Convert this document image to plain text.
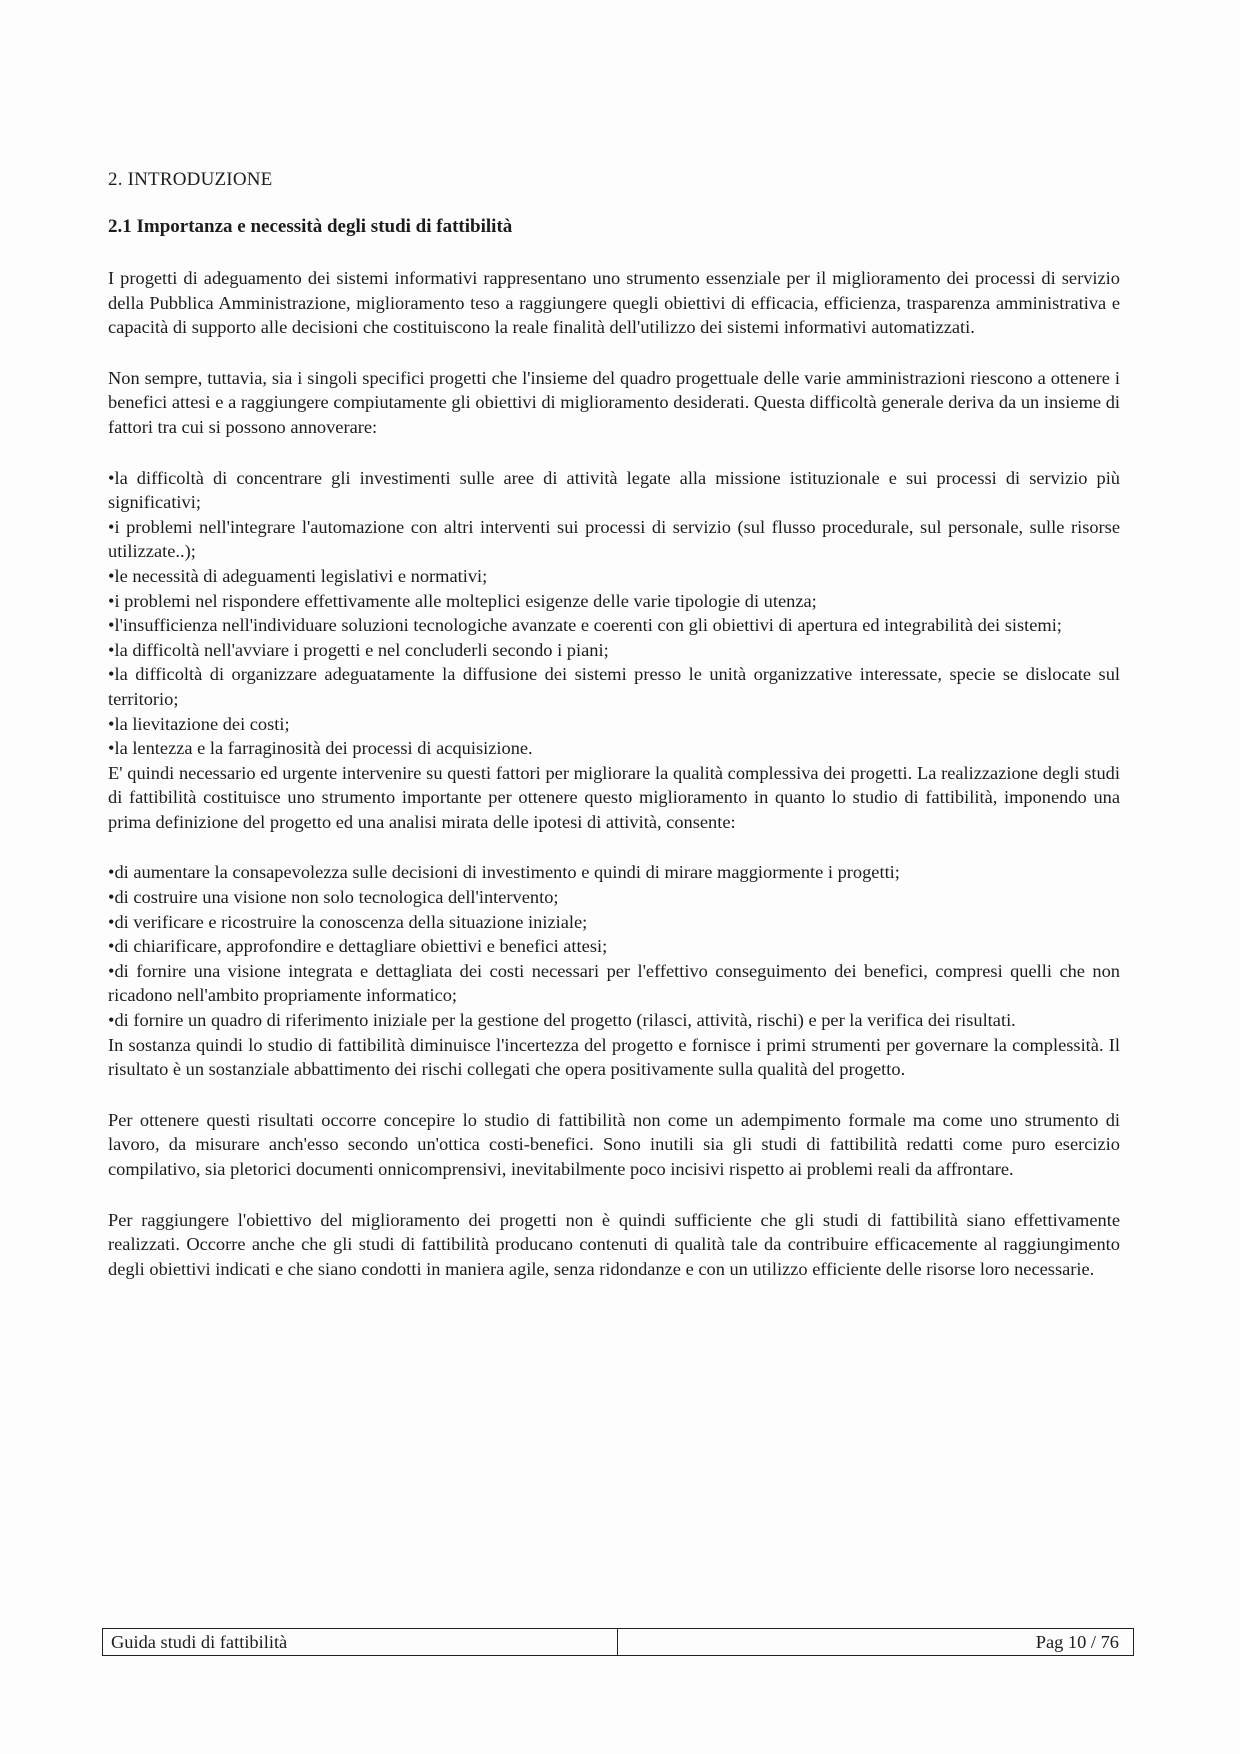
2. INTRODUZIONE
2.1 Importanza e necessità degli studi di fattibilità

I progetti di adeguamento dei sistemi informativi rappresentano uno strumento essenziale per il miglioramento dei processi di servizio della Pubblica Amministrazione, miglioramento teso a raggiungere quegli obiettivi di efficacia, efficienza, trasparenza amministrativa e capacità di supporto alle decisioni che costituiscono la reale finalità dell'utilizzo dei sistemi informativi automatizzati.

Non sempre, tuttavia, sia i singoli specifici progetti che l'insieme del quadro progettuale delle varie amministrazioni riescono a ottenere i benefici attesi e a raggiungere compiutamente gli obiettivi di miglioramento desiderati. Questa difficoltà generale deriva da un insieme di fattori tra cui si possono annoverare:

• la difficoltà di concentrare gli investimenti sulle aree di attività legate alla missione istituzionale e sui processi di servizio più significativi;
• i problemi nell'integrare l'automazione con altri interventi sui processi di servizio (sul flusso procedurale, sul personale, sulle risorse utilizzate..);
• le necessità di adeguamenti legislativi e normativi;
• i problemi nel rispondere effettivamente alle molteplici esigenze delle varie tipologie di utenza;
• l'insufficienza nell'individuare soluzioni tecnologiche avanzate e coerenti con gli obiettivi di apertura ed integrabilità dei sistemi;
• la difficoltà nell'avviare i progetti e nel concluderli secondo i piani;
• la difficoltà di organizzare adeguatamente la diffusione dei sistemi presso le unità organizzative interessate, specie se dislocate sul territorio;
• la lievitazione dei costi;
• la lentezza e la farraginosità dei processi di acquisizione.

E' quindi necessario ed urgente intervenire su questi fattori per migliorare la qualità complessiva dei progetti. La realizzazione degli studi di fattibilità costituisce uno strumento importante per ottenere questo miglioramento in quanto lo studio di fattibilità, imponendo una prima definizione del progetto ed una analisi mirata delle ipotesi di attività, consente:

• di aumentare la consapevolezza sulle decisioni di investimento e quindi di mirare maggiormente i progetti;
• di costruire una visione non solo tecnologica dell'intervento;
• di verificare e ricostruire la conoscenza della situazione iniziale;
• di chiarificare, approfondire e dettagliare obiettivi e benefici attesi;
• di fornire una visione integrata e dettagliata dei costi necessari per l'effettivo conseguimento dei benefici, compresi quelli che non ricadono nell'ambito propriamente informatico;
• di fornire un quadro di riferimento iniziale per la gestione del progetto (rilasci, attività, rischi) e per la verifica dei risultati.

In sostanza quindi lo studio di fattibilità diminuisce l'incertezza del progetto e fornisce i primi strumenti per governare la complessità. Il risultato è un sostanziale abbattimento dei rischi collegati che opera positivamente sulla qualità del progetto.

Per ottenere questi risultati occorre concepire lo studio di fattibilità non come un adempimento formale ma come uno strumento di lavoro, da misurare anch'esso secondo un'ottica costi-benefici. Sono inutili sia gli studi di fattibilità redatti come puro esercizio compilativo, sia pletorici documenti onnicomprensivi, inevitabilmente poco incisivi rispetto ai problemi reali da affrontare.

Per raggiungere l'obiettivo del miglioramento dei progetti non è quindi sufficiente che gli studi di fattibilità siano effettivamente realizzati. Occorre anche che gli studi di fattibilità producano contenuti di qualità tale da contribuire efficacemente al raggiungimento degli obiettivi indicati e che siano condotti in maniera agile, senza ridondanze e con un utilizzo efficiente delle risorse loro necessarie.

Guida studi di fattibilità	Pag 10 / 76
